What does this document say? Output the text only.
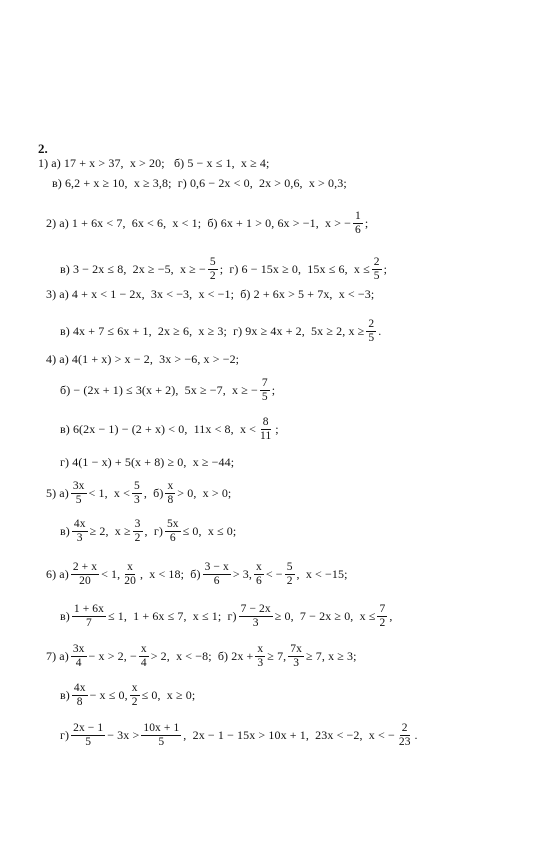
2.
1) а) 17 + x > 37,  x > 20;   б) 5 − x ≤ 1,  x ≥ 4;
в) 6,2 + x ≥ 10,  x ≥ 3,8;  г) 0,6 − 2x < 0,  2x > 0,6,  x > 0,3;
2) а) 1 + 6x < 7,  6x < 6,  x < 1;  б) 6x + 1 > 0, 6x > −1,  x > − $\frac{1}{6}$ ;
в) 3 − 2x ≤ 8,  2x ≥ −5,  x ≥ − $\frac{5}{2}$ ;  г) 6 − 15x ≥ 0,  15x ≤ 6,  $x \le \frac{2}{5}$ ;
3) а) 4 + x < 1 − 2x,  3x < −3,  x < −1;  б) 2 + 6x > 5 + 7x,  x < −3;
в) 4x + 7 ≤ 6x + 1,  2x ≥ 6,  x ≥ 3;  г) 9x ≥ 4x + 2,  5x ≥ 2, $x \ge \frac{2}{5}$ .
4) а) 4(1 + x) > x − 2,  3x > −6, x > −2;
б) − (2x + 1) ≤ 3(x + 2),  5x ≥ −7,  x ≥ − $\frac{7}{5}$ ;
в) 6(2x − 1) − (2 + x) < 0,  11x < 8,  $x < \frac{8}{11}$ ;
г) 4(1 − x) + 5(x + 8) ≥ 0,  x ≥ −44;
5) $а) \frac{3x}{5} < 1$,  $x < \frac{5}{3}$ ,  $б) \frac{x}{8} > 0$,  x > 0;
$в) \frac{4x}{3} \ge 2$,  $x \ge \frac{3}{2}$ ,  $г) \frac{5x}{6} \le 0$,  x ≤ 0;
6) $а) \frac{2 + x}{20} < 1$, $\frac{x}{20}$ ,  x < 18;  $б) \frac{3 - x}{6} > 3$, $\frac{x}{6}$ < − $\frac{5}{2}$ ,  x < −15;
$в) \frac{1 + 6x}{7} \le 1$,  1 + 6x ≤ 7,  x ≤ 1;  $г) \frac{7 - 2x}{3} \ge 0$,  7 − 2x ≥ 0,  $x \le \frac{7}{2}$ ,
7) $а) \frac{3x}{4} - x > 2$, − $\frac{x}{4} > 2$,  x < −8;  б) $2x + \frac{x}{3} \ge 7$, $\frac{7x}{3} \ge 7$, x ≥ 3;
$в) \frac{4x}{8} - x \le 0$, $\frac{x}{2} \le 0$,  x ≥ 0;
$г) \frac{2x - 1}{5} - 3x > \frac{10x + 1}{5}$ ,  2x − 1 − 15x > 10x + 1,  23x < −2,  x < − $\frac{2}{23}$ .
